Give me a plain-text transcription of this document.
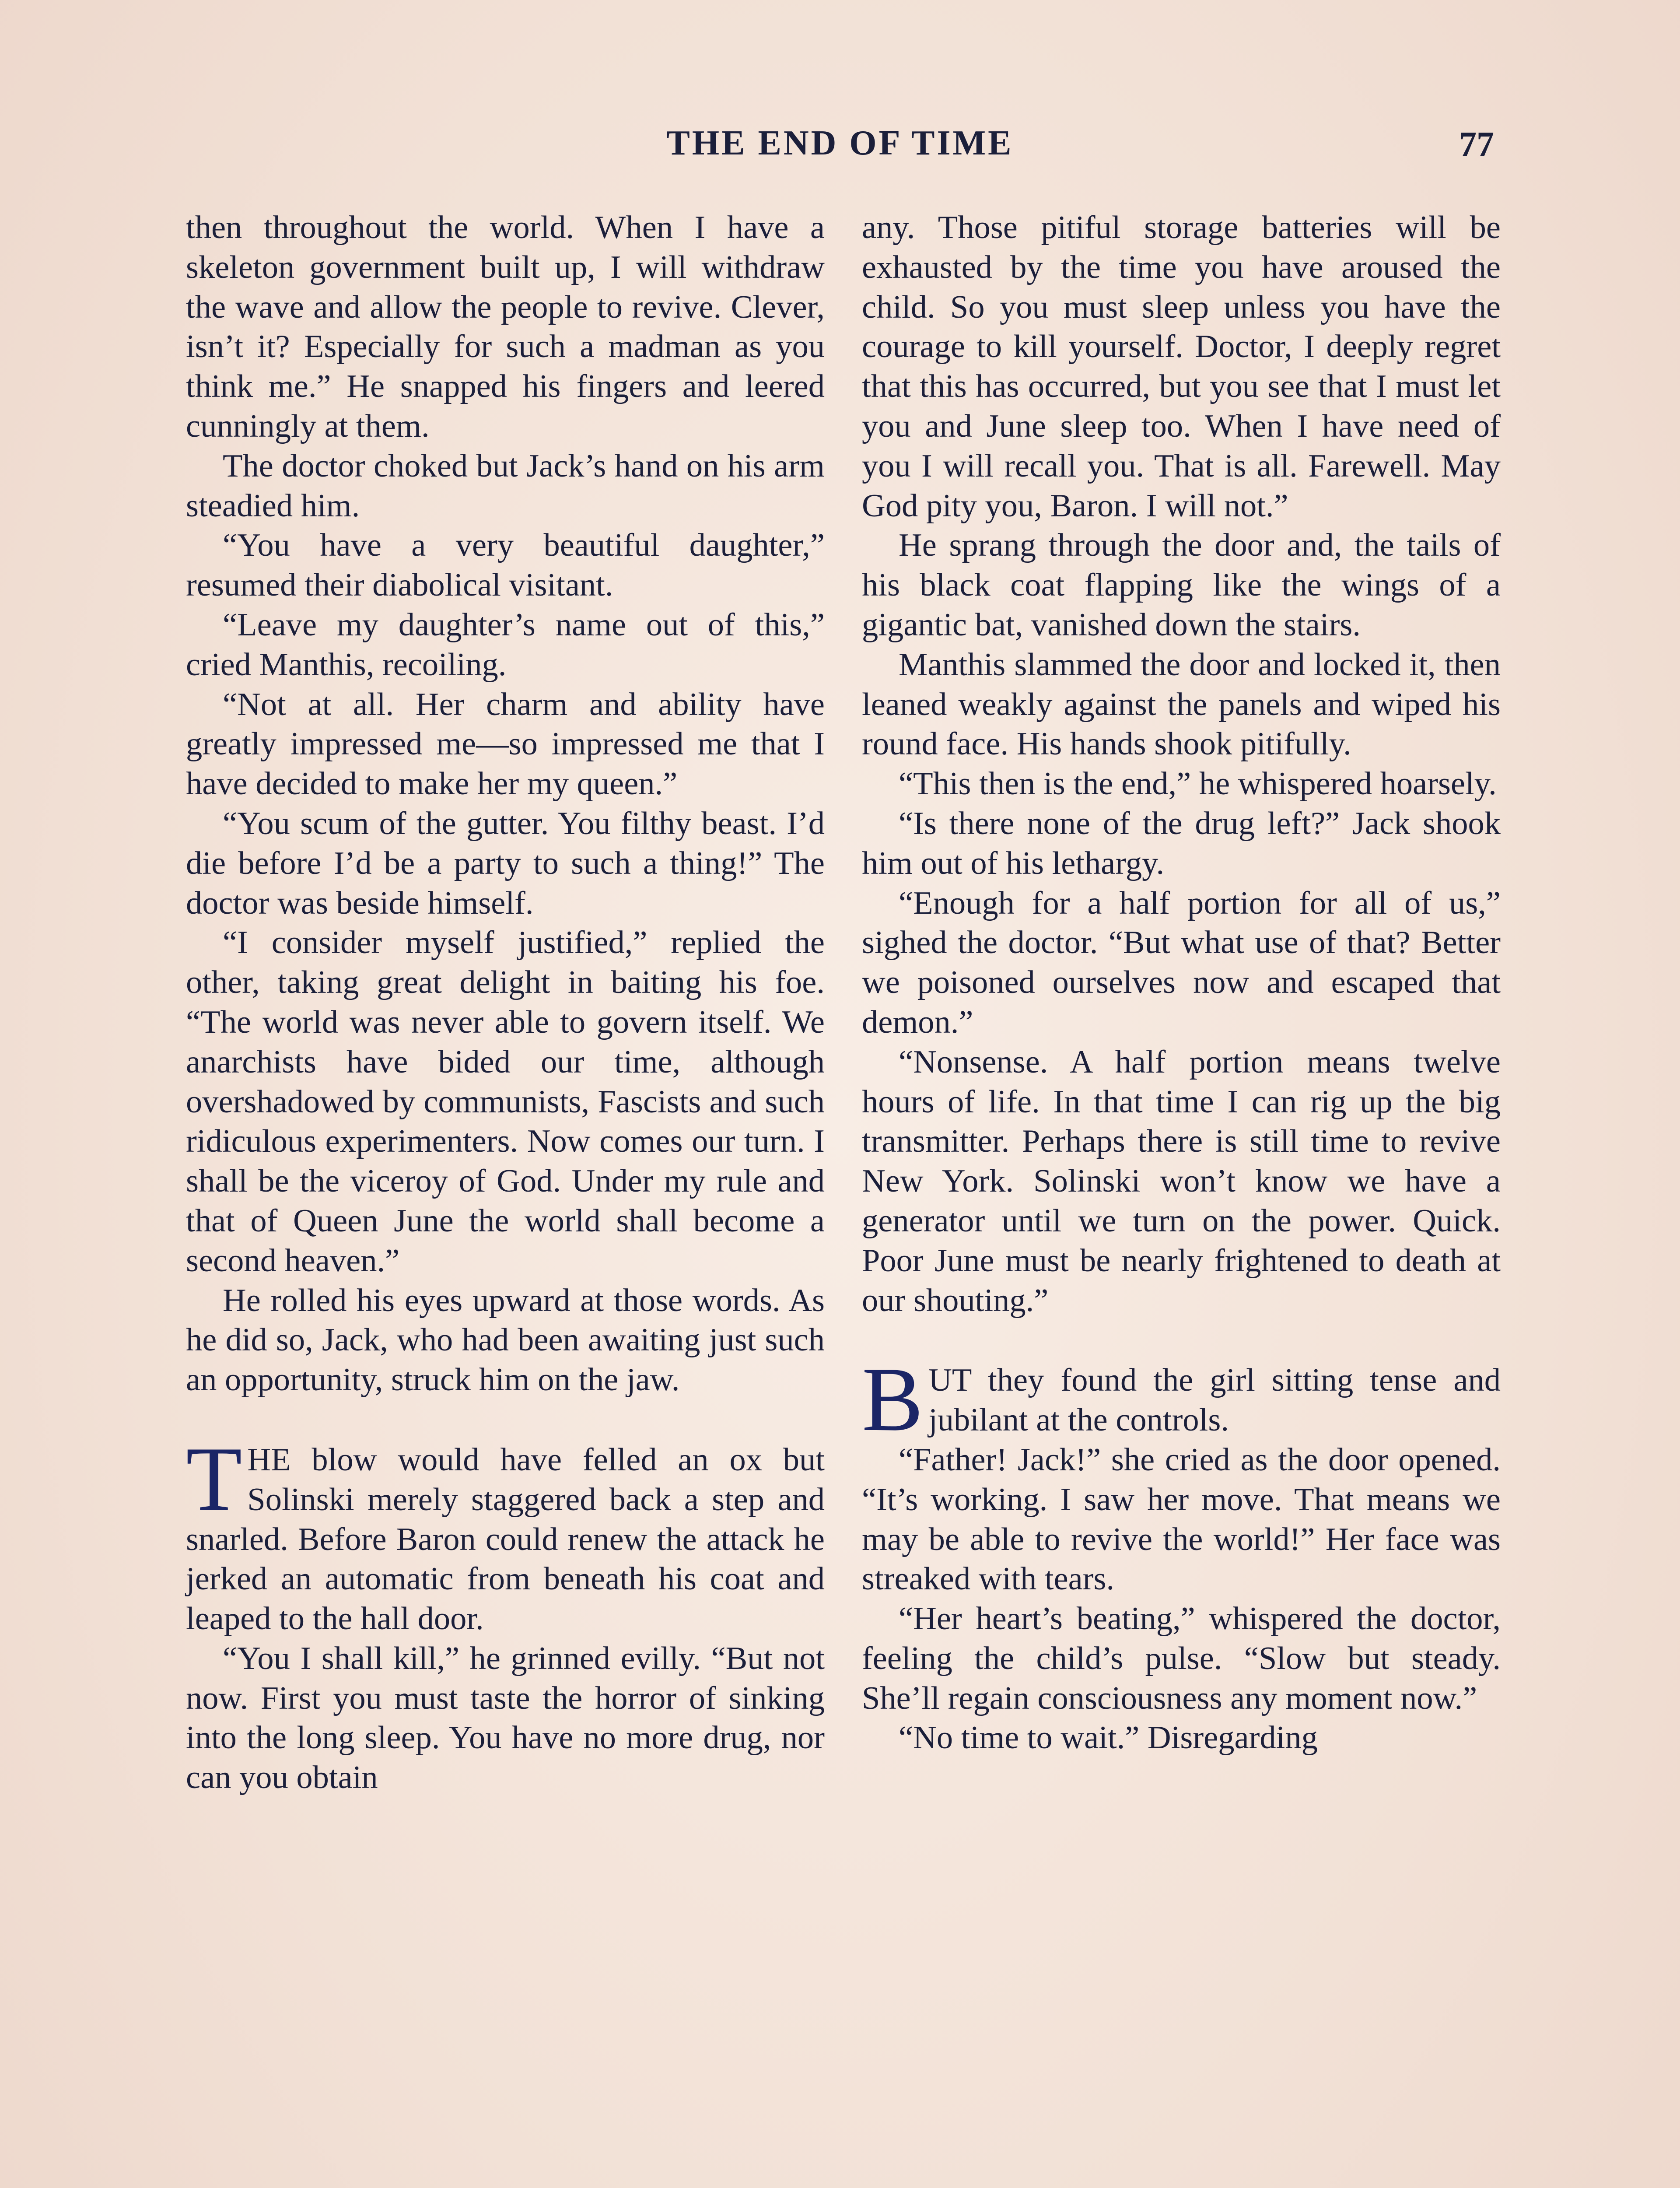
THE END OF TIME	77

then throughout the world. When I have a skeleton government built up, I will withdraw the wave and allow the people to revive. Clever, isn’t it? Especially for such a madman as you think me.” He snapped his fingers and leered cunningly at them.

The doctor choked but Jack’s hand on his arm steadied him.

“You have a very beautiful daughter,” resumed their diabolical visitant.

“Leave my daughter’s name out of this,” cried Manthis, recoiling.

“Not at all. Her charm and ability have greatly impressed me—so impressed me that I have decided to make her my queen.”

“You scum of the gutter. You filthy beast. I’d die before I’d be a party to such a thing!” The doctor was beside himself.

“I consider myself justified,” replied the other, taking great delight in baiting his foe. “The world was never able to govern itself. We anarchists have bided our time, although overshadowed by communists, Fascists and such ridiculous experimenters. Now comes our turn. I shall be the viceroy of God. Under my rule and that of Queen June the world shall become a second heaven.”

He rolled his eyes upward at those words. As he did so, Jack, who had been awaiting just such an opportunity, struck him on the jaw.

THE blow would have felled an ox but Solinski merely staggered back a step and snarled. Before Baron could renew the attack he jerked an automatic from beneath his coat and leaped to the hall door.

“You I shall kill,” he grinned evilly. “But not now. First you must taste the horror of sinking into the long sleep. You have no more drug, nor can you obtain

any. Those pitiful storage batteries will be exhausted by the time you have aroused the child. So you must sleep unless you have the courage to kill yourself. Doctor, I deeply regret that this has occurred, but you see that I must let you and June sleep too. When I have need of you I will recall you. That is all. Farewell. May God pity you, Baron. I will not.”

He sprang through the door and, the tails of his black coat flapping like the wings of a gigantic bat, vanished down the stairs.

Manthis slammed the door and locked it, then leaned weakly against the panels and wiped his round face. His hands shook pitifully.

“This then is the end,” he whispered hoarsely.

“Is there none of the drug left?” Jack shook him out of his lethargy.

“Enough for a half portion for all of us,” sighed the doctor. “But what use of that? Better we poisoned ourselves now and escaped that demon.”

“Nonsense. A half portion means twelve hours of life. In that time I can rig up the big transmitter. Perhaps there is still time to revive New York. Solinski won’t know we have a generator until we turn on the power. Quick. Poor June must be nearly frightened to death at our shouting.”

BUT they found the girl sitting tense and jubilant at the controls.

“Father! Jack!” she cried as the door opened. “It’s working. I saw her move. That means we may be able to revive the world!” Her face was streaked with tears.

“Her heart’s beating,” whispered the doctor, feeling the child’s pulse. “Slow but steady. She’ll regain consciousness any moment now.”

“No time to wait.” Disregarding
